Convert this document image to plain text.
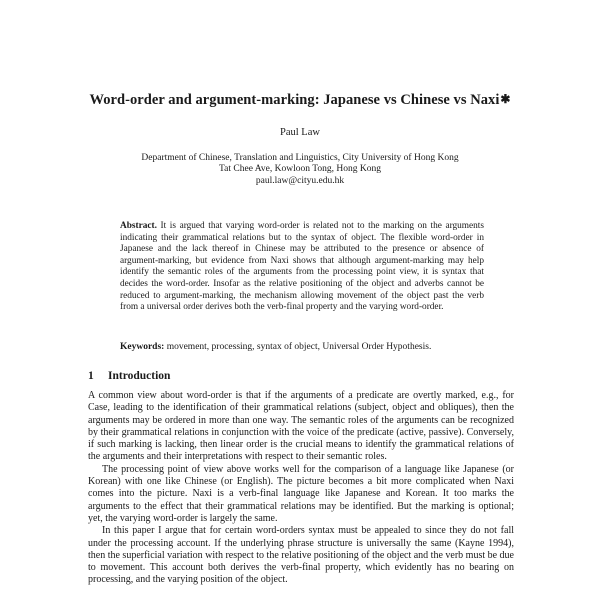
Word-order and argument-marking: Japanese vs Chinese vs Naxi✱
Paul Law
Department of Chinese, Translation and Linguistics, City University of Hong Kong
Tat Chee Ave, Kowloon Tong, Hong Kong
paul.law@cityu.edu.hk
Abstract. It is argued that varying word-order is related not to the marking on the arguments indicating their grammatical relations but to the syntax of object. The flexible word-order in Japanese and the lack thereof in Chinese may be attributed to the presence or absence of argument-marking, but evidence from Naxi shows that although argument-marking may help identify the semantic roles of the arguments from the processing point view, it is syntax that decides the word-order. Insofar as the relative positioning of the object and adverbs cannot be reduced to argument-marking, the mechanism allowing movement of the object past the verb from a universal order derives both the verb-final property and the varying word-order.
Keywords: movement, processing, syntax of object, Universal Order Hypothesis.
1 Introduction

A common view about word-order is that if the arguments of a predicate are overtly marked, e.g., for Case, leading to the identification of their grammatical relations (subject, object and obliques), then the arguments may be ordered in more than one way. The semantic roles of the arguments can be recognized by their grammatical relations in conjunction with the voice of the predicate (active, passive). Conversely, if such marking is lacking, then linear order is the crucial means to identify the grammatical relations of the arguments and their interpretations with respect to their semantic roles.

The processing point of view above works well for the comparison of a language like Japanese (or Korean) with one like Chinese (or English). The picture becomes a bit more complicated when Naxi comes into the picture. Naxi is a verb-final language like Japanese and Korean. It too marks the arguments to the effect that their grammatical relations may be identified. But the marking is optional; yet, the varying word-order is largely the same.

In this paper I argue that for certain word-orders syntax must be appealed to since they do not fall under the processing account. If the underlying phrase structure is universally the same (Kayne 1994), then the superficial variation with respect to the relative positioning of the object and the verb must be due to movement. This account both derives the verb-final property, which evidently has no bearing on processing, and the varying position of the object.
